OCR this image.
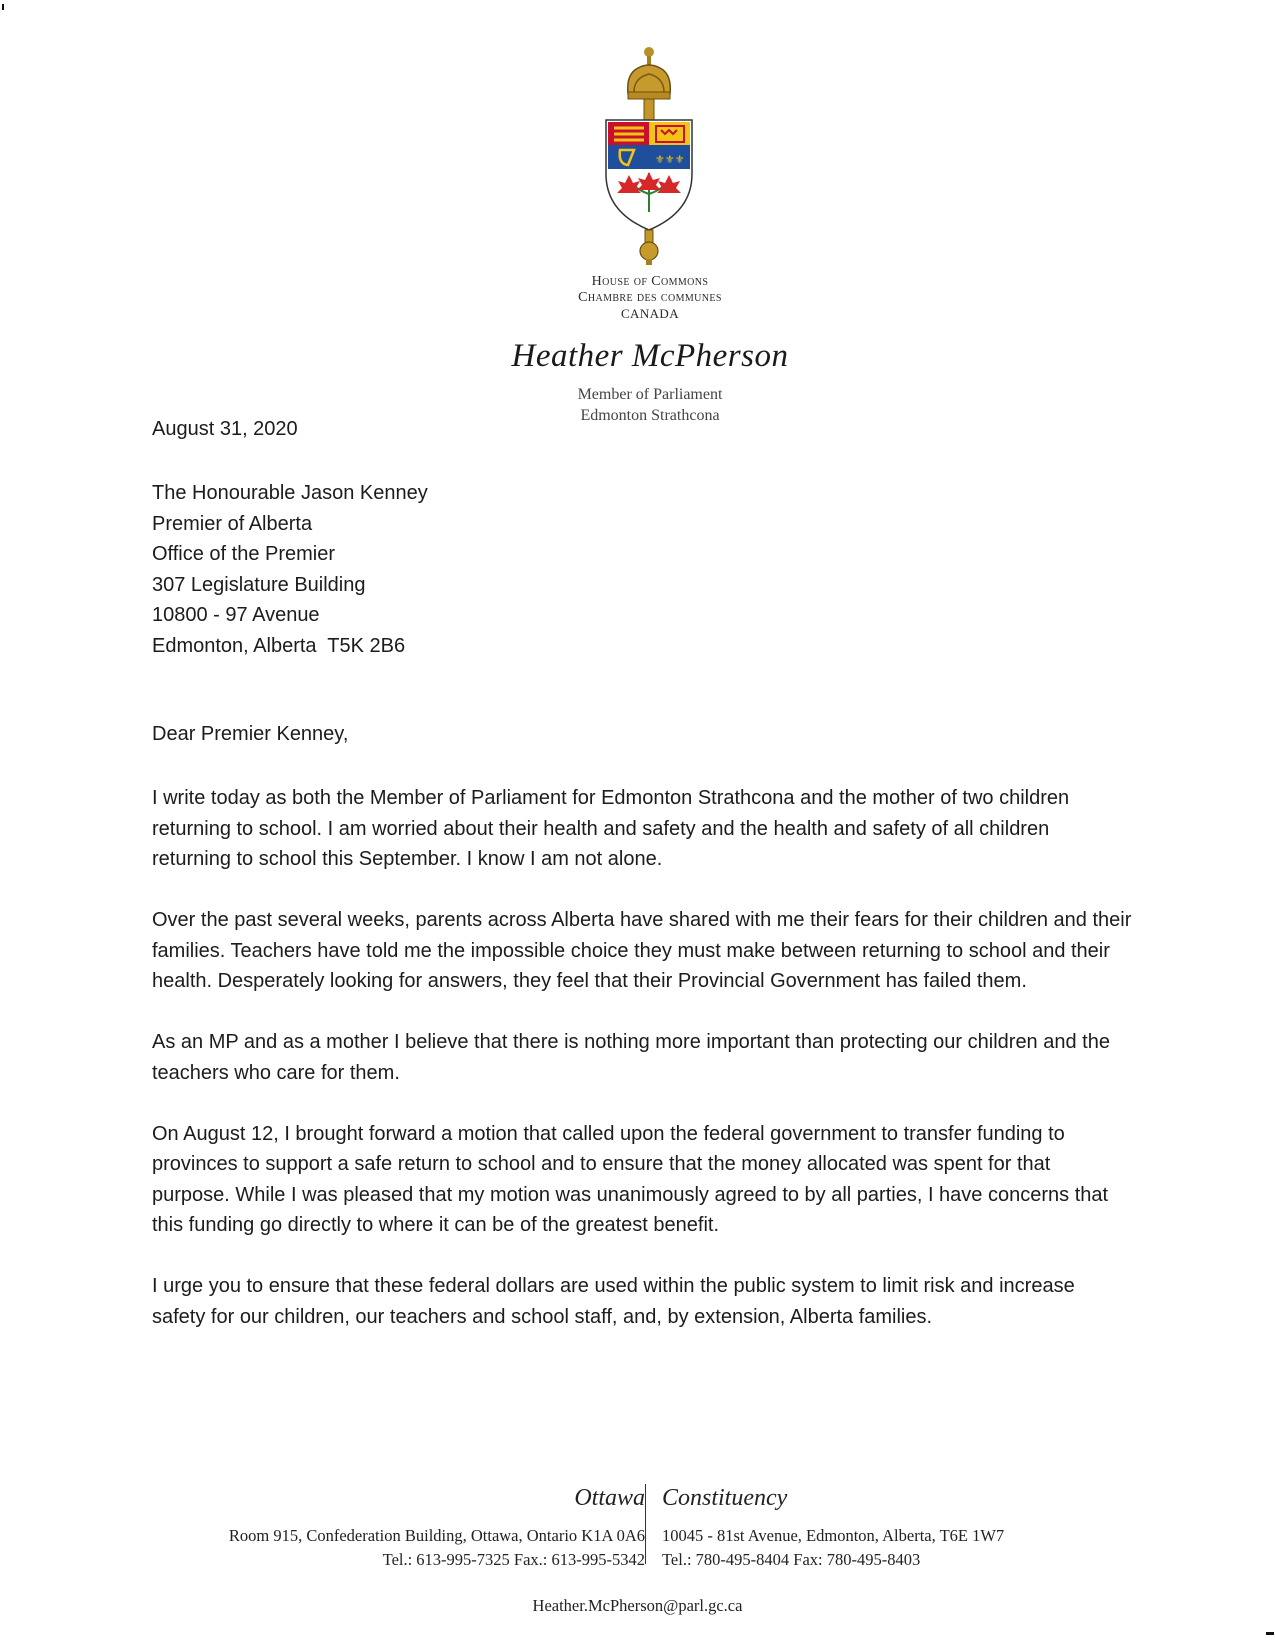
⚜⚜⚜
House of Commons
Chambre des communes
CANADA
Heather McPherson
Member of Parliament
Edmonton Strathcona
August 31, 2020
The Honourable Jason Kenney
Premier of Alberta
Office of the Premier
307 Legislature Building
10800 - 97 Avenue
Edmonton, Alberta  T5K 2B6
Dear Premier Kenney,

I write today as both the Member of Parliament for Edmonton Strathcona and the mother of two children returning to school. I am worried about their health and safety and the health and safety of all children returning to school this September. I know I am not alone.

Over the past several weeks, parents across Alberta have shared with me their fears for their children and their families. Teachers have told me the impossible choice they must make between returning to school and their health. Desperately looking for answers, they feel that their Provincial Government has failed them.

As an MP and as a mother I believe that there is nothing more important than protecting our children and the teachers who care for them.

On August 12, I brought forward a motion that called upon the federal government to transfer funding to provinces to support a safe return to school and to ensure that the money allocated was spent for that purpose. While I was pleased that my motion was unanimously agreed to by all parties, I have concerns that this funding go directly to where it can be of the greatest benefit.

I urge you to ensure that these federal dollars are used within the public system to limit risk and increase safety for our children, our teachers and school staff, and, by extension, Alberta families.

Ottawa
Room 915, Confederation Building, Ottawa, Ontario K1A 0A6
Tel.: 613-995-7325 Fax.: 613-995-5342
Constituency
10045 - 81st Avenue, Edmonton, Alberta, T6E 1W7
Tel.: 780-495-8404 Fax: 780-495-8403
Heather.McPherson@parl.gc.ca
